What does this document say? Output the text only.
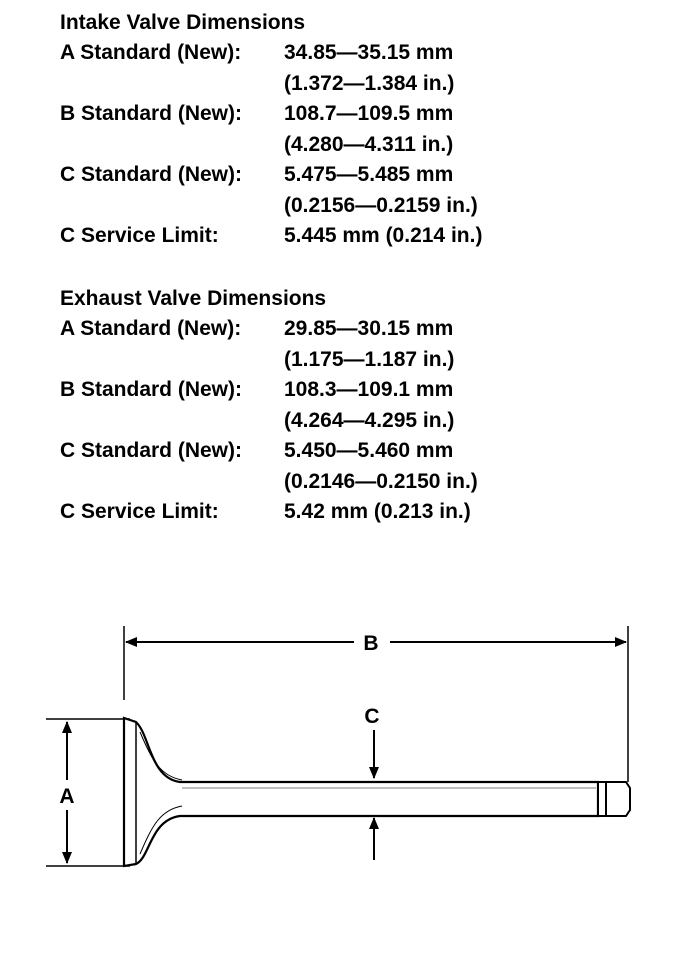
Intake Valve Dimensions
A Standard (New):	34.85—35.15 mm
(1.372—1.384 in.)
B Standard (New):	108.7—109.5 mm
(4.280—4.311 in.)
C Standard (New):	5.475—5.485 mm
(0.2156—0.2159 in.)
C Service Limit:	5.445 mm (0.214 in.)
Exhaust Valve Dimensions
A Standard (New):	29.85—30.15 mm
(1.175—1.187 in.)
B Standard (New):	108.3—109.1 mm
(4.264—4.295 in.)
C Standard (New):	5.450—5.460 mm
(0.2146—0.2150 in.)
C Service Limit:	5.42 mm (0.213 in.)
B
A
C
